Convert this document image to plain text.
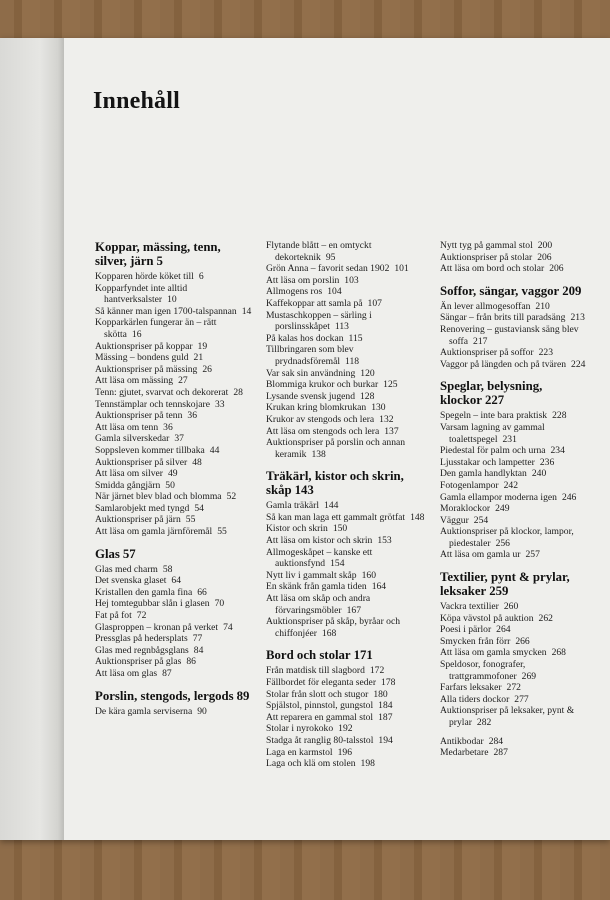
Innehåll
Koppar, mässing, tenn, silver, järn 5
Kopparen hörde köket till 6
Kopparfyndet inte alltid hantverksalster 10
Så känner man igen 1700-talspannan 14
Kopparkärlen fungerar än – rätt skötta 16
Auktionspriser på koppar 19
Mässing – bondens guld 21
Auktionspriser på mässing 26
Att läsa om mässing 27
Tenn: gjutet, svarvat och dekorerat 28
Tennstämplar och tennskojare 33
Auktionspriser på tenn 36
Att läsa om tenn 36
Gamla silverskedar 37
Soppsleven kommer tillbaka 44
Auktionspriser på silver 48
Att läsa om silver 49
Smidda gångjärn 50
När järnet blev blad och blomma 52
Samlarobjekt med tyngd 54
Auktionspriser på järn 55
Att läsa om gamla järnföremål 55
Glas 57
Glas med charm 58
Det svenska glaset 64
Kristallen den gamla fina 66
Hej tomtegubbar slån i glasen 70
Fat på fot 72
Glasproppen – kronan på verket 74
Pressglas på hedersplats 77
Glas med regnbågsglans 84
Auktionspriser på glas 86
Att läsa om glas 87
Porslin, stengods, lergods 89
De kära gamla serviserna 90
Flytande blått – en omtyckt dekorteknik 95
Grön Anna – favorit sedan 1902 101
Att läsa om porslin 103
Allmogens ros 104
Kaffekoppar att samla på 107
Mustaschkoppen – särling i porslinsskåpet 113
På kalas hos dockan 115
Tillbringaren som blev prydnadsföremål 118
Var sak sin användning 120
Blommiga krukor och burkar 125
Lysande svensk jugend 128
Krukan kring blomkrukan 130
Krukor av stengods och lera 132
Att läsa om stengods och lera 137
Auktionspriser på porslin och annan keramik 138
Träkärl, kistor och skrin, skåp 143
Gamla träkärl 144
Så kan man laga ett gammalt grötfat 148
Kistor och skrin 150
Att läsa om kistor och skrin 153
Allmogeskåpet – kanske ett auktionsfynd 154
Nytt liv i gammalt skåp 160
En skänk från gamla tiden 164
Att läsa om skåp och andra förvaringsmöbler 167
Auktionspriser på skåp, byråar och chiffonjéer 168
Bord och stolar 171
Från matdisk till slagbord 172
Fällbordet för eleganta seder 178
Stolar från slott och stugor 180
Spjälstol, pinnstol, gungstol 184
Att reparera en gammal stol 187
Stolar i nyrokoko 192
Stadga åt ranglig 80-talsstol 194
Laga en karmstol 196
Laga och klä om stolen 198
Nytt tyg på gammal stol 200
Auktionspriser på stolar 206
Att läsa om bord och stolar 206
Soffor, sängar, vaggor 209
Än lever allmogesoffan 210
Sängar – från brits till paradsäng 213
Renovering – gustaviansk säng blev soffa 217
Auktionspriser på soffor 223
Vaggor på längden och på tvären 224
Speglar, belysning, klockor 227
Spegeln – inte bara praktisk 228
Varsam lagning av gammal toalettspegel 231
Piedestal för palm och urna 234
Ljusstakar och lampetter 236
Den gamla handlyktan 240
Fotogenlampor 242
Gamla ellampor moderna igen 246
Moraklockor 249
Väggur 254
Auktionspriser på klockor, lampor, piedestaler 256
Att läsa om gamla ur 257
Textilier, pynt & prylar, leksaker 259
Vackra textilier 260
Köpa vävstol på auktion 262
Poesi i pärlor 264
Smycken från förr 266
Att läsa om gamla smycken 268
Speldosor, fonografer, trattgrammofoner 269
Farfars leksaker 272
Alla tiders dockor 277
Auktionspriser på leksaker, pynt & prylar 282
Antikbodar 284
Medarbetare 287
